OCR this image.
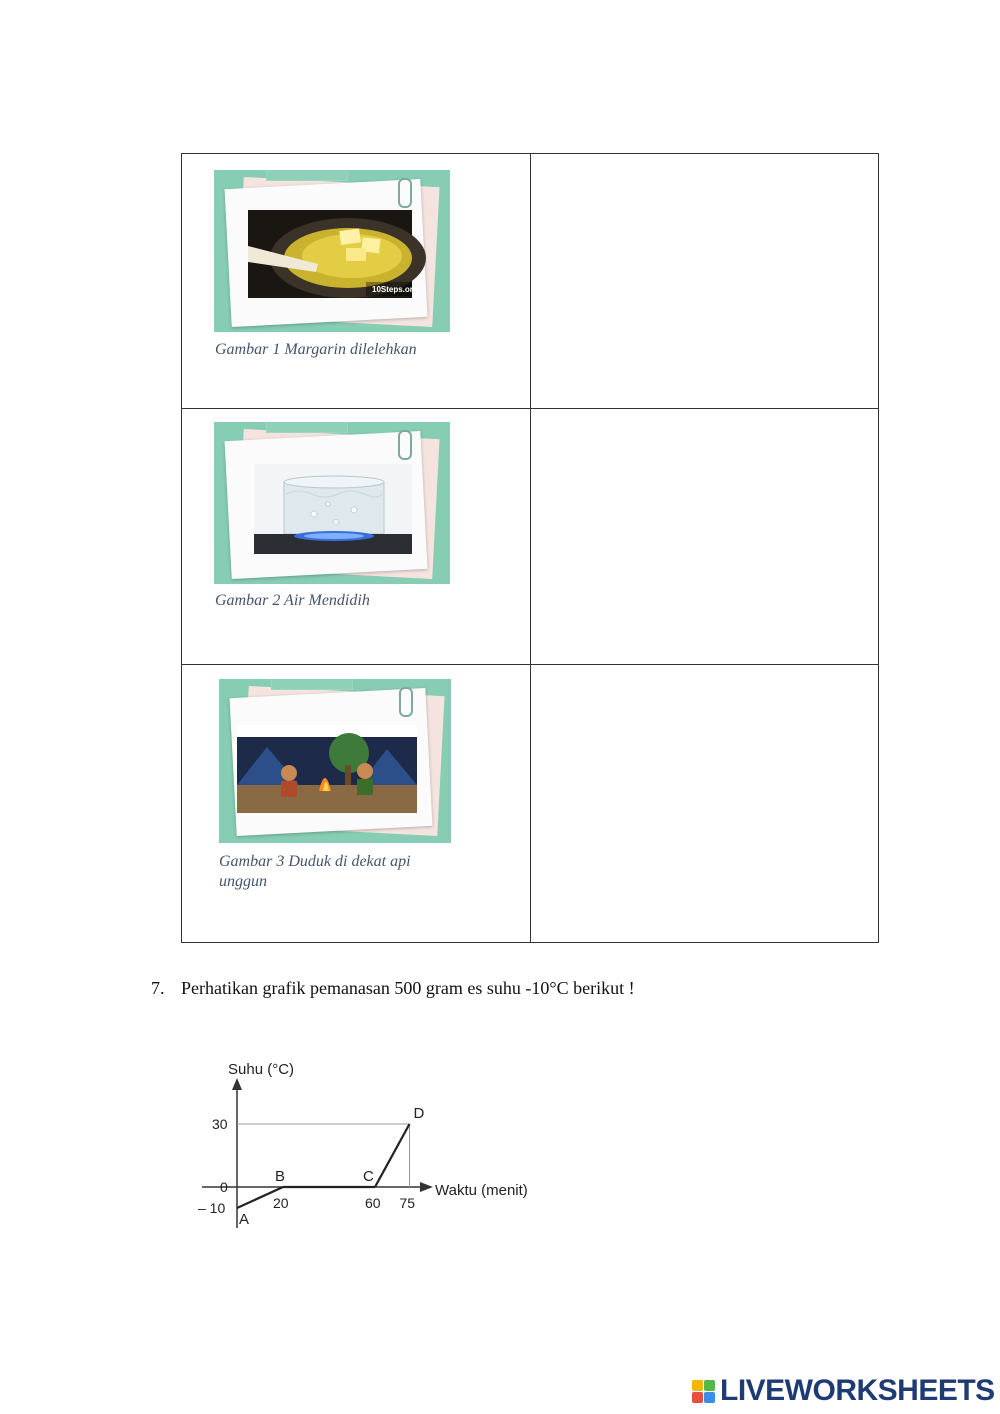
10Steps.org
Gambar 1 Margarin dilelehkan	

Gambar 2 Air Mendidih	

Gambar 3 Duduk di dekat api
unggun	

7. Perhatikan grafik pemanasan 500 gram es suhu -10°C berikut !
Suhu (°C)
Waktu (menit)
A
B	C
D
20	60 75
30
0
– 10
LIVEWORKSHEETS
